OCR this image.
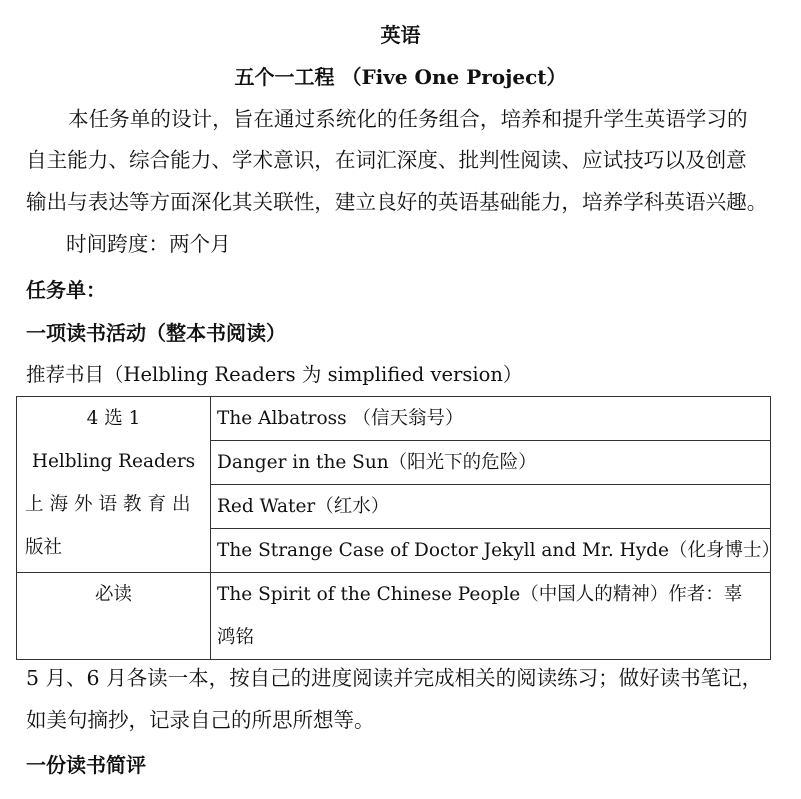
英语
五个一工程 （Five One Project）
本任务单的设计，旨在通过系统化的任务组合，培养和提升学生英语学习的
自主能力、综合能力、学术意识，在词汇深度、批判性阅读、应试技巧以及创意
输出与表达等方面深化其关联性，建立良好的英语基础能力，培养学科英语兴趣。
时间跨度：两个月
任务单：
一项读书活动（整本书阅读）
推荐书目（Helbling Readers 为 simplified version）
4 选 1
Helbling Readers
上海外语教育出
版社	The Albatross （信天翁号）
	Danger in the Sun（阳光下的危险）
	Red Water（红水）
	The Strange Case of Doctor Jekyll and Mr. Hyde（化身博士）
必读	The Spirit of the Chinese People（中国人的精神）作者：辜
鸿铭
5 月、6 月各读一本，按自己的进度阅读并完成相关的阅读练习；做好读书笔记，
如美句摘抄，记录自己的所思所想等。
一份读书简评
